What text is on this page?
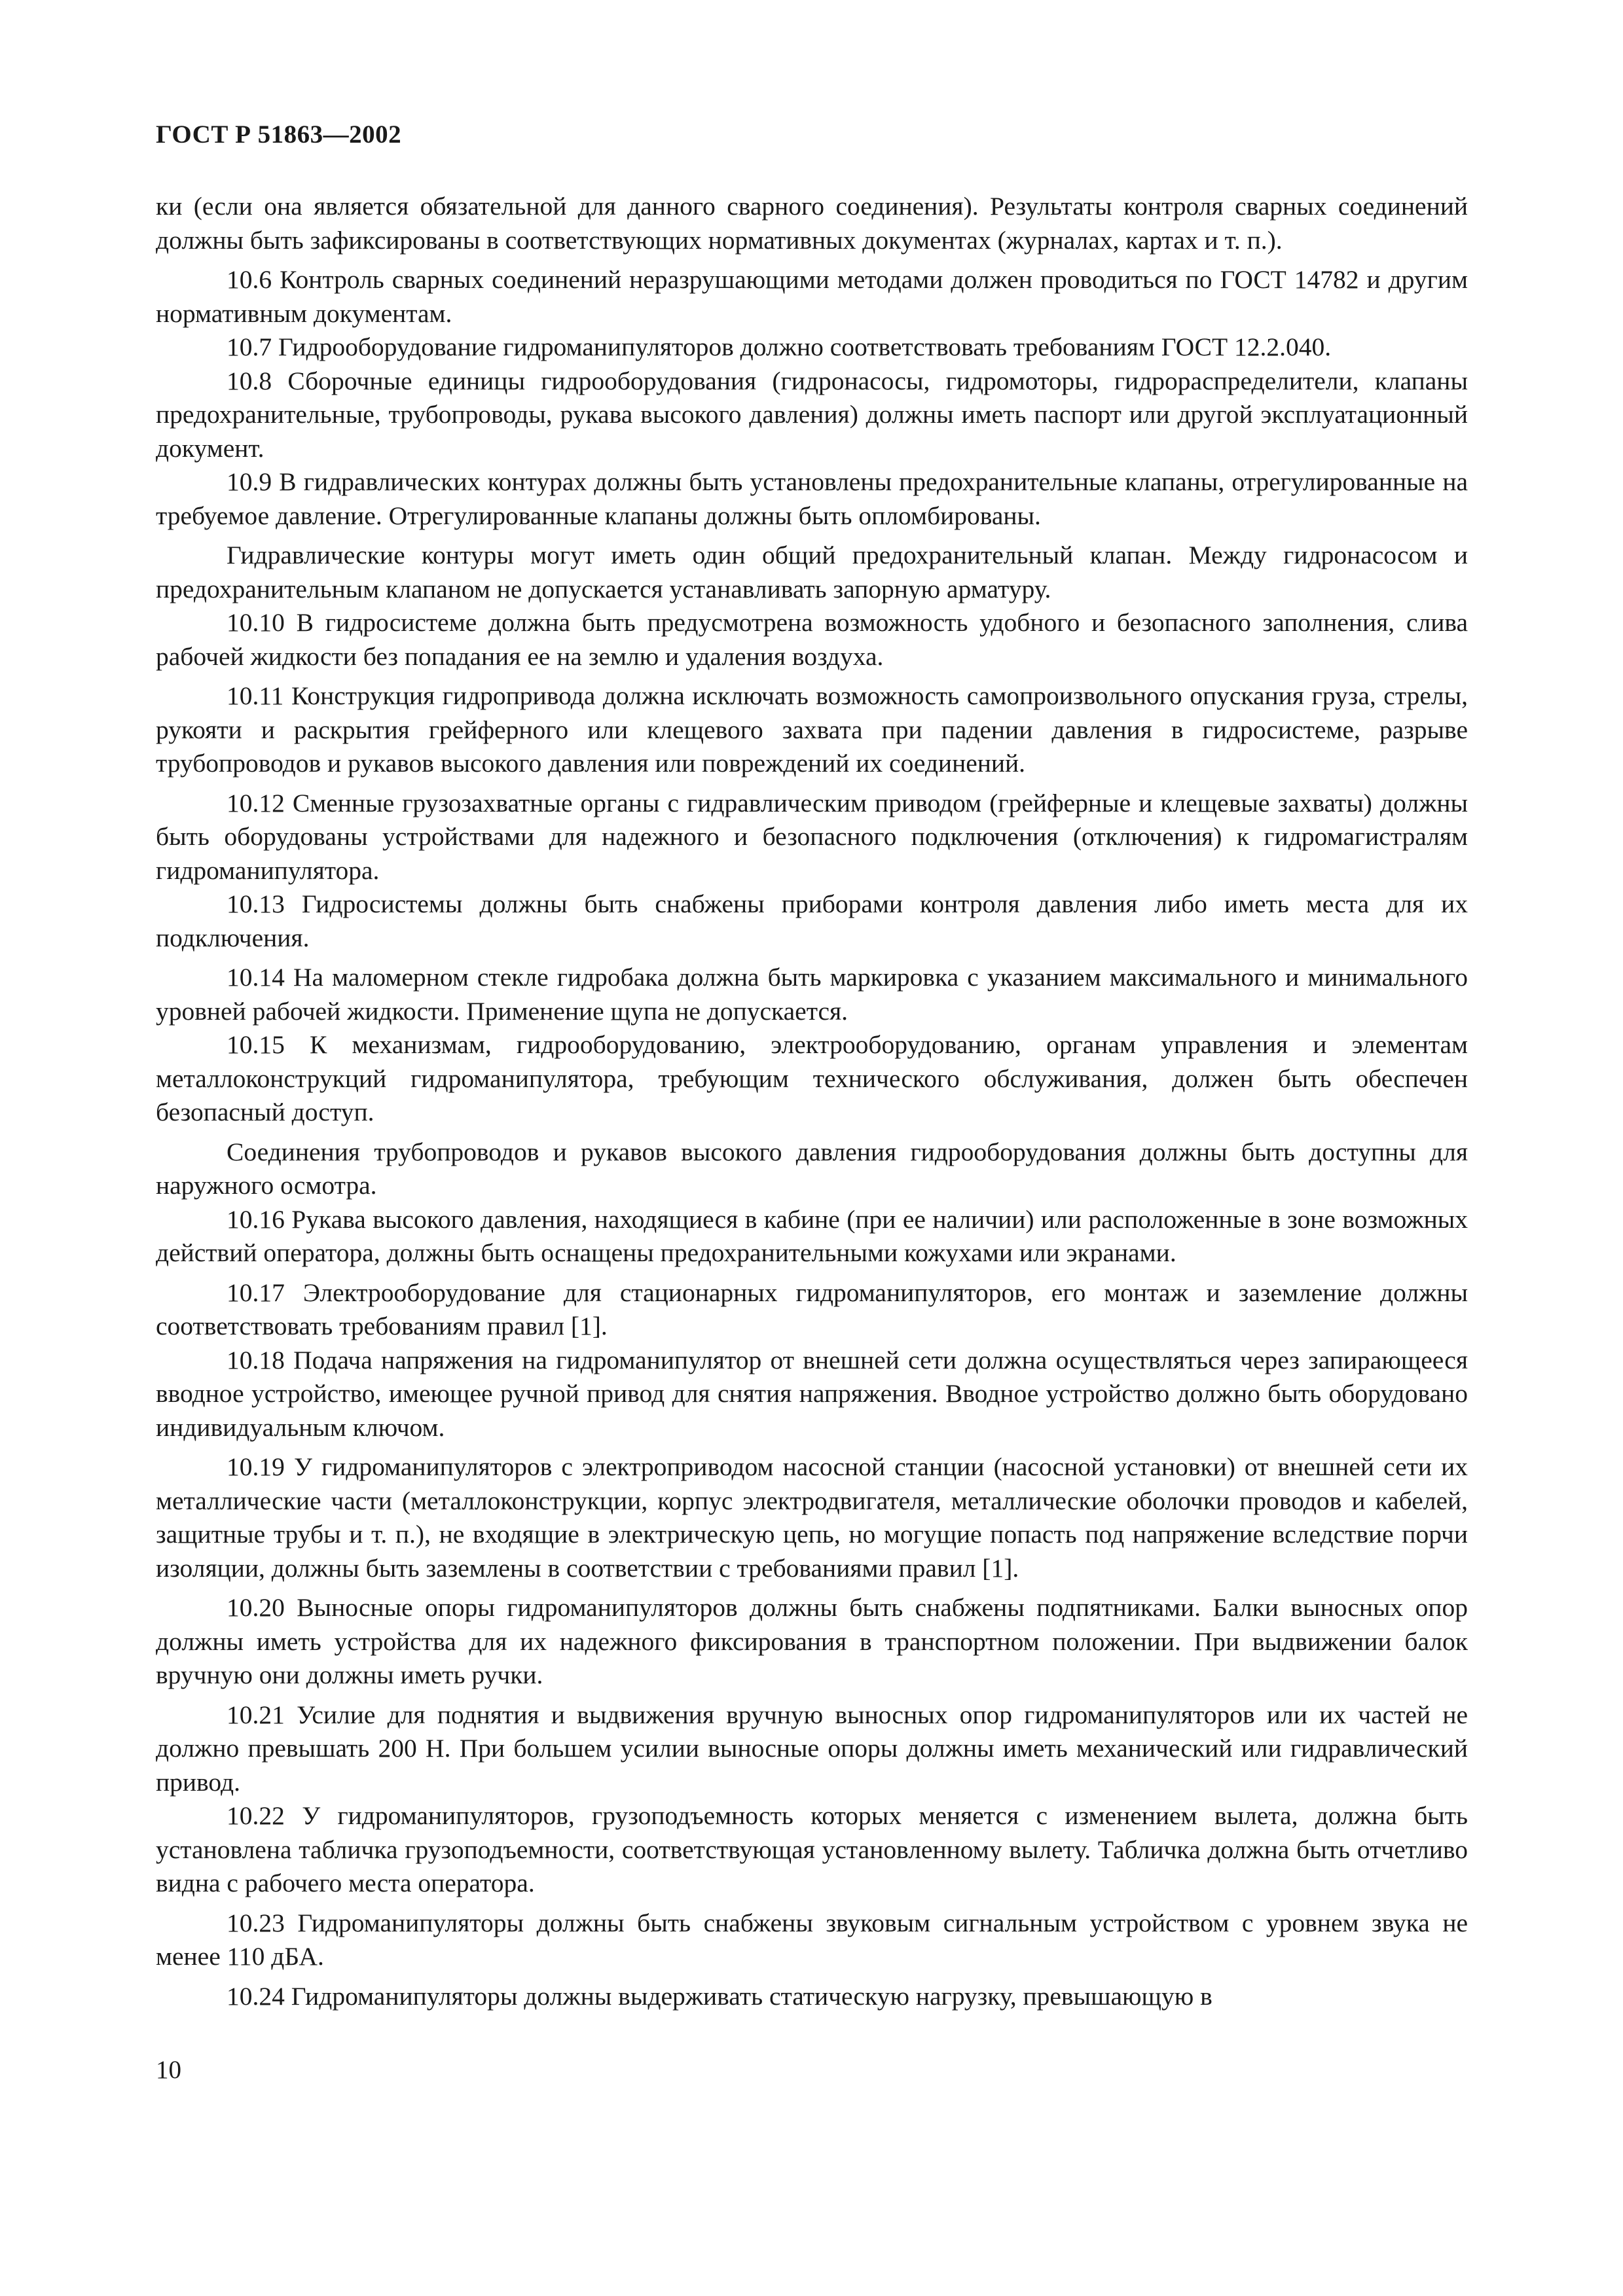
ГОСТ Р 51863—2002

ки (если она является обязательной для данного сварного соединения). Результаты контроля сварных соединений должны быть зафиксированы в соответствующих нормативных документах (журналах, картах и т. п.).

10.6 Контроль сварных соединений неразрушающими методами должен проводиться по ГОСТ 14782 и другим нормативным документам.

10.7 Гидрооборудование гидроманипуляторов должно соответствовать требованиям ГОСТ 12.2.040.

10.8 Сборочные единицы гидрооборудования (гидронасосы, гидромоторы, гидрораспределители, клапаны предохранительные, трубопроводы, рукава высокого давления) должны иметь паспорт или другой эксплуатационный документ.

10.9 В гидравлических контурах должны быть установлены предохранительные клапаны, отрегулированные на требуемое давление. Отрегулированные клапаны должны быть опломбированы.

Гидравлические контуры могут иметь один общий предохранительный клапан. Между гидронасосом и предохранительным клапаном не допускается устанавливать запорную арматуру.

10.10 В гидросистеме должна быть предусмотрена возможность удобного и безопасного заполнения, слива рабочей жидкости без попадания ее на землю и удаления воздуха.

10.11 Конструкция гидропривода должна исключать возможность самопроизвольного опускания груза, стрелы, рукояти и раскрытия грейферного или клещевого захвата при падении давления в гидросистеме, разрыве трубопроводов и рукавов высокого давления или повреждений их соединений.

10.12 Сменные грузозахватные органы с гидравлическим приводом (грейферные и клещевые захваты) должны быть оборудованы устройствами для надежного и безопасного подключения (отключения) к гидромагистралям гидроманипулятора.

10.13 Гидросистемы должны быть снабжены приборами контроля давления либо иметь места для их подключения.

10.14 На маломерном стекле гидробака должна быть маркировка с указанием максимального и минимального уровней рабочей жидкости. Применение щупа не допускается.

10.15 К механизмам, гидрооборудованию, электрооборудованию, органам управления и элементам металлоконструкций гидроманипулятора, требующим технического обслуживания, должен быть обеспечен безопасный доступ.

Соединения трубопроводов и рукавов высокого давления гидрооборудования должны быть доступны для наружного осмотра.

10.16 Рукава высокого давления, находящиеся в кабине (при ее наличии) или расположенные в зоне возможных действий оператора, должны быть оснащены предохранительными кожухами или экранами.

10.17 Электрооборудование для стационарных гидроманипуляторов, его монтаж и заземление должны соответствовать требованиям правил [1].

10.18 Подача напряжения на гидроманипулятор от внешней сети должна осуществляться через запирающееся вводное устройство, имеющее ручной привод для снятия напряжения. Вводное устройство должно быть оборудовано индивидуальным ключом.

10.19 У гидроманипуляторов с электроприводом насосной станции (насосной установки) от внешней сети их металлические части (металлоконструкции, корпус электродвигателя, металлические оболочки проводов и кабелей, защитные трубы и т. п.), не входящие в электрическую цепь, но могущие попасть под напряжение вследствие порчи изоляции, должны быть заземлены в соответствии с требованиями правил [1].

10.20 Выносные опоры гидроманипуляторов должны быть снабжены подпятниками. Балки выносных опор должны иметь устройства для их надежного фиксирования в транспортном положении. При выдвижении балок вручную они должны иметь ручки.

10.21 Усилие для поднятия и выдвижения вручную выносных опор гидроманипуляторов или их частей не должно превышать 200 Н. При большем усилии выносные опоры должны иметь механический или гидравлический привод.

10.22 У гидроманипуляторов, грузоподъемность которых меняется с изменением вылета, должна быть установлена табличка грузоподъемности, соответствующая установленному вылету. Табличка должна быть отчетливо видна с рабочего места оператора.

10.23 Гидроманипуляторы должны быть снабжены звуковым сигнальным устройством с уровнем звука не менее 110 дБА.

10.24 Гидроманипуляторы должны выдерживать статическую нагрузку, превышающую в

10
